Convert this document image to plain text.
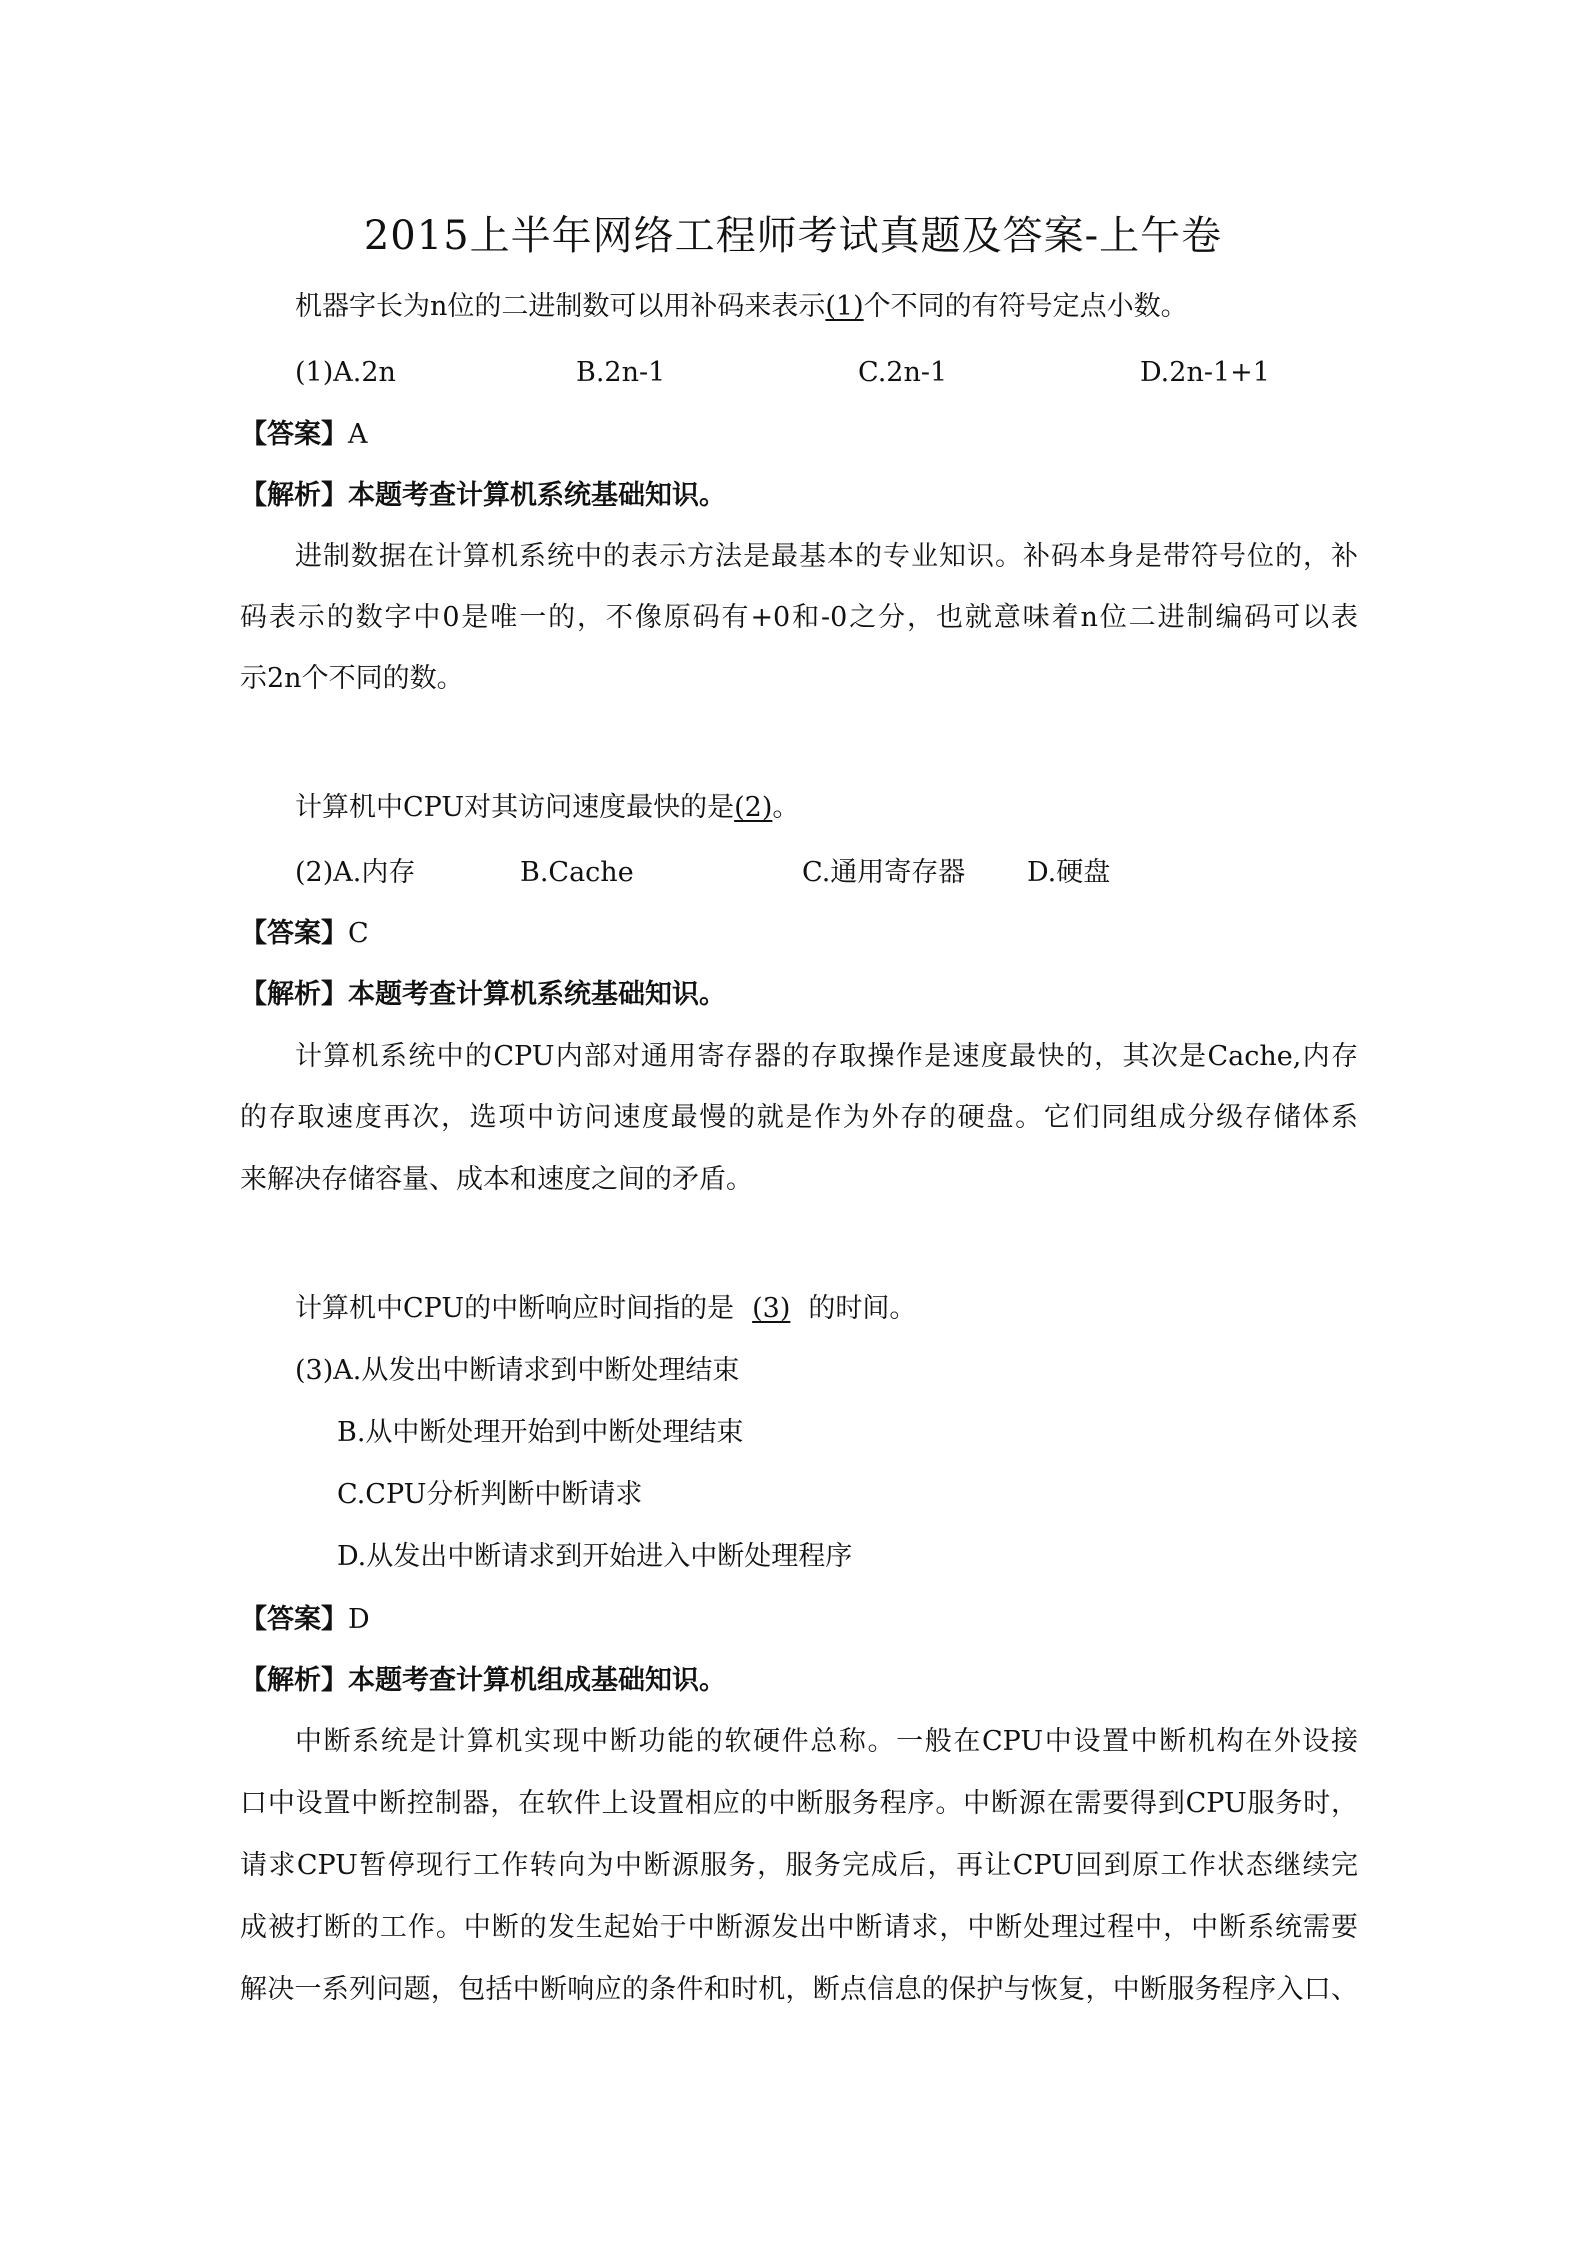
2015上半年网络工程师考试真题及答案-上午卷

机器字长为n位的二进制数可以用补码来表示(1)个不同的有符号定点小数。

(1)A.2n	B.2n-1	C.2n-1	D.2n-1+1

【答案】A

【解析】本题考查计算机系统基础知识。

进制数据在计算机系统中的表示方法是最基本的专业知识。补码本身是带符号位的，补

码表示的数字中0是唯一的，不像原码有+0和-0之分，也就意味着n位二进制编码可以表

示2n个不同的数。

计算机中CPU对其访问速度最快的是(2)。

(2)A.内存	B.Cache	C.通用寄存器 D.硬盘

【答案】C

【解析】本题考查计算机系统基础知识。

计算机系统中的CPU内部对通用寄存器的存取操作是速度最快的，其次是Cache,内存

的存取速度再次，选项中访问速度最慢的就是作为外存的硬盘。它们同组成分级存储体系

来解决存储容量、成本和速度之间的矛盾。

计算机中CPU的中断响应时间指的是 (3) 的时间。

(3)A.从发出中断请求到中断处理结束

B.从中断处理开始到中断处理结束

C.CPU分析判断中断请求

D.从发出中断请求到开始进入中断处理程序

【答案】D

【解析】本题考查计算机组成基础知识。

中断系统是计算机实现中断功能的软硬件总称。一般在CPU中设置中断机构在外设接

口中设置中断控制器，在软件上设置相应的中断服务程序。中断源在需要得到CPU服务时，

请求CPU暂停现行工作转向为中断源服务，服务完成后，再让CPU回到原工作状态继续完

成被打断的工作。中断的发生起始于中断源发出中断请求，中断处理过程中，中断系统需要

解决一系列问题，包括中断响应的条件和时机，断点信息的保护与恢复，中断服务程序入口、
